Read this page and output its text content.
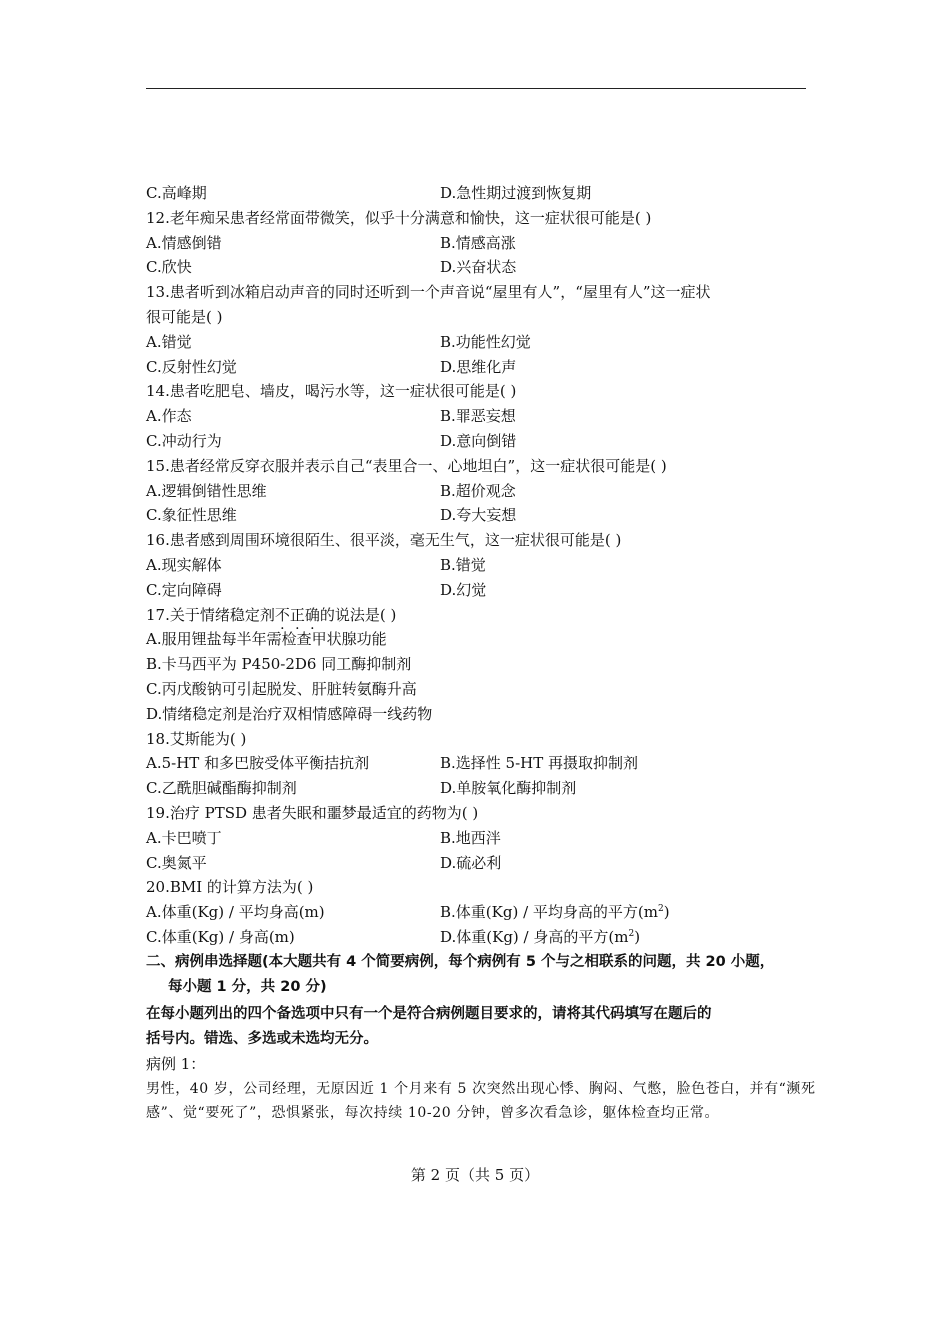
C.高峰期	D.急性期过渡到恢复期
12.老年痴呆患者经常面带微笑，似乎十分满意和愉快，这一症状很可能是( )
A.情感倒错	B.情感高涨
C.欣快	D.兴奋状态
13.患者听到冰箱启动声音的同时还听到一个声音说“屋里有人”，“屋里有人”这一症状
很可能是( )
A.错觉	B.功能性幻觉
C.反射性幻觉	D.思维化声
14.患者吃肥皂、墙皮，喝污水等，这一症状很可能是( )
A.作态	B.罪恶妄想
C.冲动行为	D.意向倒错
15.患者经常反穿衣服并表示自己“表里合一、心地坦白”，这一症状很可能是( )
A.逻辑倒错性思维	B.超价观念
C.象征性思维	D.夸大妄想
16.患者感到周围环境很陌生、很平淡，毫无生气，这一症状很可能是( )
A.现实解体	B.错觉
C.定向障碍	D.幻觉
17.关于情绪稳定剂不正确的说法是( )
A.服用锂盐每半年需检查甲状腺功能
B.卡马西平为 P450-2D6 同工酶抑制剂
C.丙戊酸钠可引起脱发、肝脏转氨酶升高
D.情绪稳定剂是治疗双相情感障碍一线药物
18.艾斯能为( )
A.5-HT 和多巴胺受体平衡拮抗剂	B.选择性 5-HT 再摄取抑制剂
C.乙酰胆碱酯酶抑制剂	D.单胺氧化酶抑制剂
19.治疗 PTSD 患者失眠和噩梦最适宜的药物为( )
A.卡巴喷丁	B.地西泮
C.奥氮平	D.硫必利
20.BMI 的计算方法为( )
A.体重(Kg) / 平均身高(m)	B.体重(Kg) / 平均身高的平方$(m^2)$
C.体重(Kg) / 身高(m)	D.体重(Kg) / 身高的平方$(m^2)$
二、病例串选择题(本大题共有 4 个简要病例，每个病例有 5 个与之相联系的问题，共 20 小题，
每小题 1 分，共 20 分)
在每小题列出的四个备选项中只有一个是符合病例题目要求的，请将其代码填写在题后的
括号内。错选、多选或未选均无分。
病例 1：
男性，40 岁，公司经理，无原因近 1 个月来有 5 次突然出现心悸、胸闷、气憋，脸色苍白，并有“濒死感”、觉“要死了”，恐惧紧张，每次持续 10-20 分钟，曾多次看急诊，躯体检查均正常。
第 2 页（共 5 页）
